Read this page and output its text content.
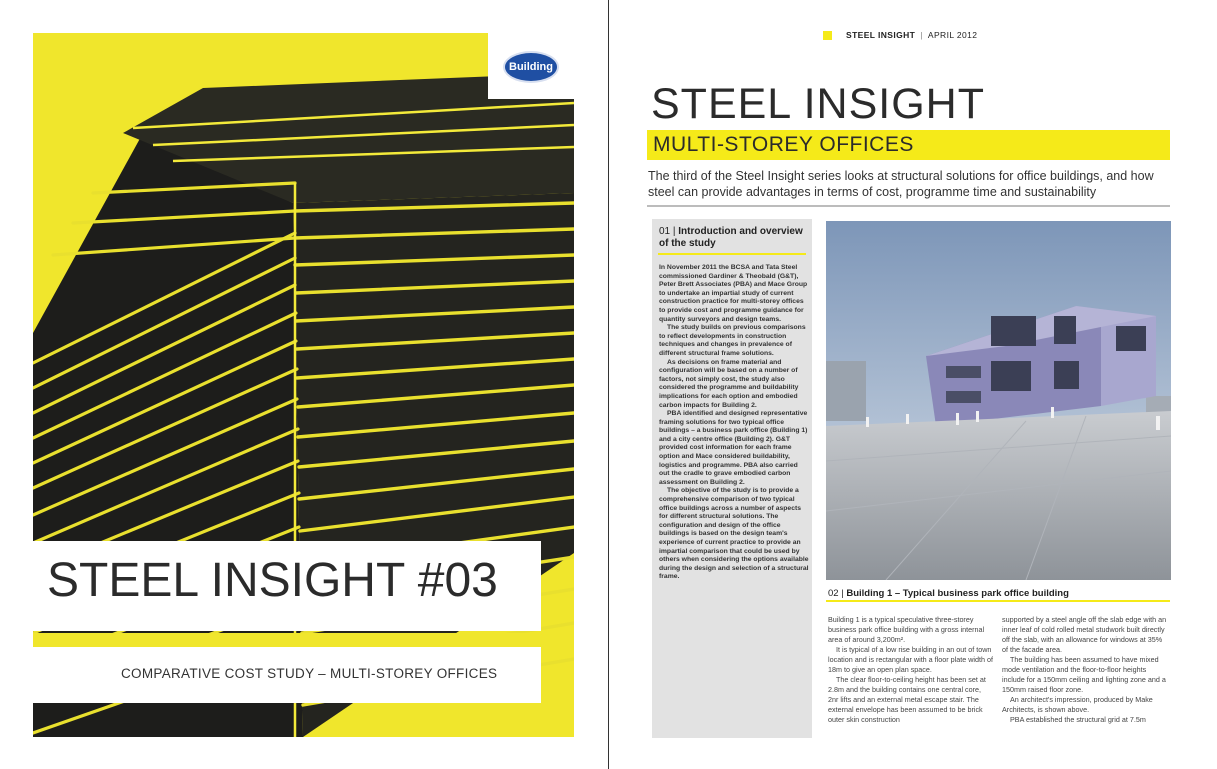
Building
STEEL INSIGHT #03
COMPARATIVE COST STUDY – MULTI-STOREY OFFICES
STEEL INSIGHT | APRIL 2012
STEEL INSIGHT
MULTI-STOREY OFFICES
The third of the Steel Insight series looks at structural solutions for office buildings, and how steel can provide advantages in terms of cost, programme time and sustainability
01 | Introduction and overview of the study

In November 2011 the BCSA and Tata Steel commissioned Gardiner & Theobald (G&T), Peter Brett Associates (PBA) and Mace Group to undertake an impartial study of current construction practice for multi-storey offices to provide cost and programme guidance for quantity surveyors and design teams.

The study builds on previous comparisons to reflect developments in construction techniques and changes in prevalence of different structural frame solutions.

As decisions on frame material and configuration will be based on a number of factors, not simply cost, the study also considered the programme and buildability implications for each option and embodied carbon impacts for Building 2.

PBA identified and designed representative framing solutions for two typical office buildings – a business park office (Building 1) and a city centre office (Building 2). G&T provided cost information for each frame option and Mace considered buildability, logistics and programme. PBA also carried out the cradle to grave embodied carbon assessment on Building 2.

The objective of the study is to provide a comprehensive comparison of two typical office buildings across a number of aspects for different structural solutions. The configuration and design of the office buildings is based on the design team's experience of current practice to provide an impartial comparison that could be used by others when considering the options available during the design and selection of a structural frame.

02 | Building 1 – Typical business park office building

Building 1 is a typical speculative three-storey business park office building with a gross internal area of around 3,200m².

It is typical of a low rise building in an out of town location and is rectangular with a floor plate width of 18m to give an open plan space.

The clear floor-to-ceiling height has been set at 2.8m and the building contains one central core, 2nr lifts and an external metal escape stair. The external envelope has been assumed to be brick outer skin construction

supported by a steel angle off the slab edge with an inner leaf of cold rolled metal studwork built directly off the slab, with an allowance for windows at 35% of the facade area.

The building has been assumed to have mixed mode ventilation and the floor-to-floor heights include for a 150mm ceiling and lighting zone and a 150mm raised floor zone.

An architect's impression, produced by Make Architects, is shown above.

PBA established the structural grid at 7.5m
